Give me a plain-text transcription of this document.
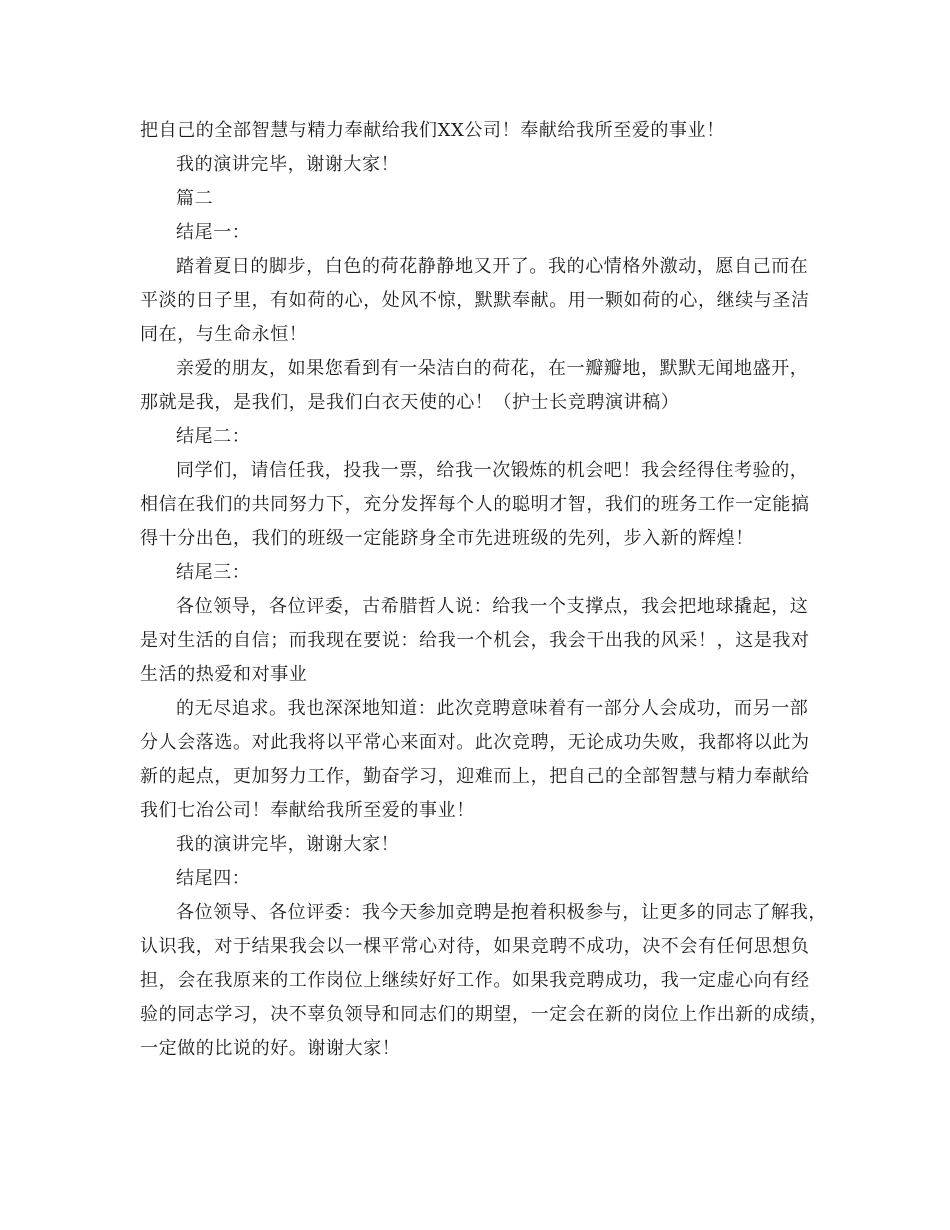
把自己的全部智慧与精力奉献给我们XX公司！奉献给我所至爱的事业！
我的演讲完毕，谢谢大家！
篇二
结尾一：
踏着夏日的脚步，白色的荷花静静地又开了。我的心情格外激动，愿自己而在
平淡的日子里，有如荷的心，处风不惊，默默奉献。用一颗如荷的心，继续与圣洁
同在，与生命永恒！
亲爱的朋友，如果您看到有一朵洁白的荷花，在一瓣瓣地，默默无闻地盛开，
那就是我，是我们，是我们白衣天使的心！（护士长竞聘演讲稿）
结尾二：
同学们，请信任我，投我一票，给我一次锻炼的机会吧！我会经得住考验的，
相信在我们的共同努力下，充分发挥每个人的聪明才智，我们的班务工作一定能搞
得十分出色，我们的班级一定能跻身全市先进班级的先列，步入新的辉煌！
结尾三：
各位领导，各位评委，古希腊哲人说：给我一个支撑点，我会把地球撬起，这
是对生活的自信；而我现在要说：给我一个机会，我会干出我的风采！，这是我对
生活的热爱和对事业
的无尽追求。我也深深地知道：此次竞聘意味着有一部分人会成功，而另一部
分人会落选。对此我将以平常心来面对。此次竞聘，无论成功失败，我都将以此为
新的起点，更加努力工作，勤奋学习，迎难而上，把自己的全部智慧与精力奉献给
我们七冶公司！奉献给我所至爱的事业！
我的演讲完毕，谢谢大家！
结尾四：
各位领导、各位评委：我今天参加竞聘是抱着积极参与，让更多的同志了解我，
认识我，对于结果我会以一棵平常心对待，如果竞聘不成功，决不会有任何思想负
担，会在我原来的工作岗位上继续好好工作。如果我竞聘成功，我一定虚心向有经
验的同志学习，决不辜负领导和同志们的期望，一定会在新的岗位上作出新的成绩，
一定做的比说的好。谢谢大家！
